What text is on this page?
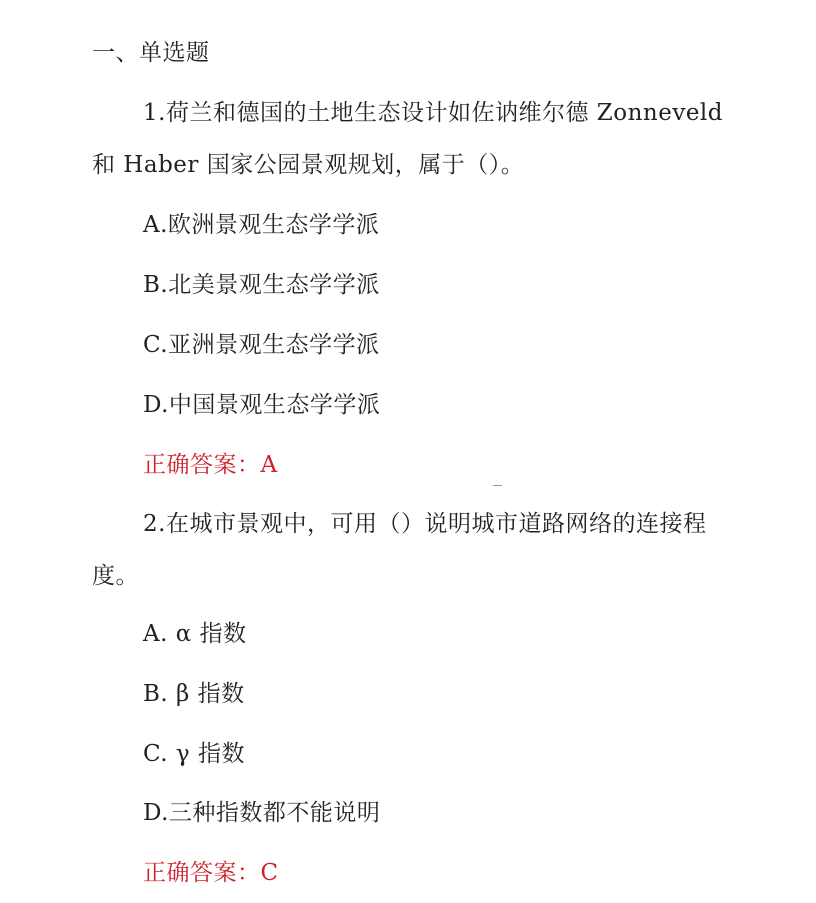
一、单选题
1.荷兰和德国的土地生态设计如佐讷维尔德 Zonneveld
和 Haber 国家公园景观规划，属于（）。
A.欧洲景观生态学学派
B.北美景观生态学学派
C.亚洲景观生态学学派
D.中国景观生态学学派
正确答案：A
2.在城市景观中，可用（）说明城市道路网络的连接程
度。
A. α 指数
B. β 指数
C. γ 指数
D.三种指数都不能说明
正确答案：C
